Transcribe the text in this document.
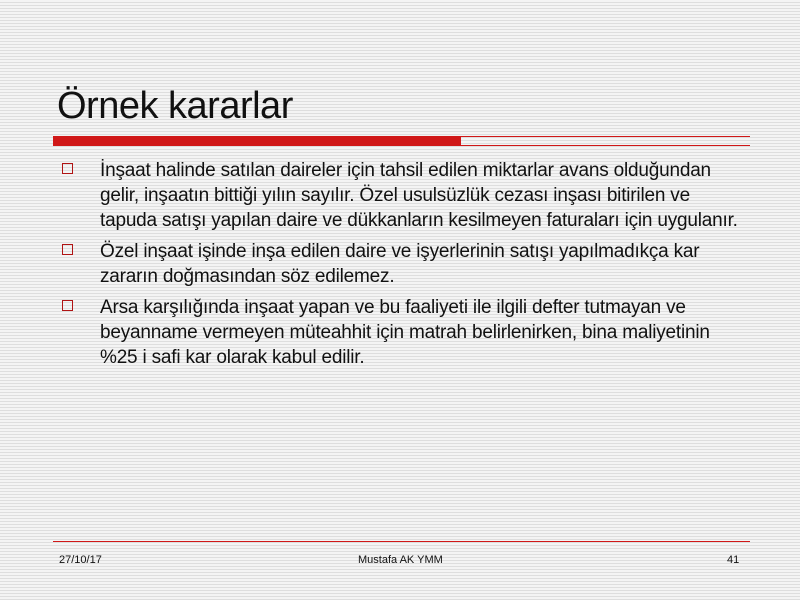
Örnek kararlar
İnşaat halinde satılan daireler için tahsil edilen miktarlar avans olduğundan gelir, inşaatın bittiği yılın sayılır. Özel usulsüzlük cezası inşası bitirilen ve tapuda satışı yapılan daire ve dükkanların kesilmeyen faturaları için uygulanır.
Özel inşaat işinde inşa edilen daire ve işyerlerinin satışı yapılmadıkça kar zararın doğmasından söz edilemez.
Arsa karşılığında inşaat yapan ve bu faaliyeti ile ilgili defter tutmayan ve beyanname vermeyen müteahhit için matrah belirlenirken, bina maliyetinin %25 i safi kar olarak kabul edilir.
27/10/17	Mustafa AK YMM	41
